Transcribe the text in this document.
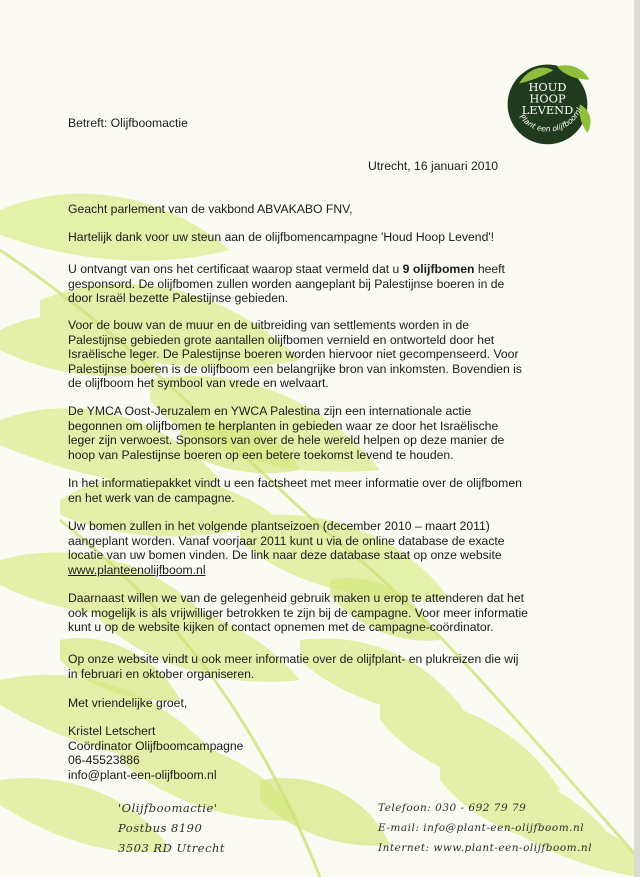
HOUD
HOOP
LEVEND
Plant een olijfboom!
Betreft: Olijfboomactie
Utrecht, 16 januari 2010
Geacht parlement van de vakbond ABVAKABO FNV,
Hartelijk dank voor uw steun aan de olijfbomencampagne 'Houd Hoop Levend'!
U ontvangt van ons het certificaat waarop staat vermeld dat u 9 olijfbomen heeft
gesponsord. De olijfbomen zullen worden aangeplant bij Palestijnse boeren in de
door Israël bezette Palestijnse gebieden.
Voor de bouw van de muur en de uitbreiding van settlements worden in de
Palestijnse gebieden grote aantallen olijfbomen vernield en ontworteld door het
Israëlische leger. De Palestijnse boeren worden hiervoor niet gecompenseerd. Voor
Palestijnse boeren is de olijfboom een belangrijke bron van inkomsten. Bovendien is
de olijfboom het symbool van vrede en welvaart.
De YMCA Oost-Jeruzalem en YWCA Palestina zijn een internationale actie
begonnen om olijfbomen te herplanten in gebieden waar ze door het Israëlische
leger zijn verwoest. Sponsors van over de hele wereld helpen op deze manier de
hoop van Palestijnse boeren op een betere toekomst levend te houden.
In het informatiepakket vindt u een factsheet met meer informatie over de olijfbomen
en het werk van de campagne.
Uw bomen zullen in het volgende plantseizoen (december 2010 – maart 2011)
aangeplant worden. Vanaf voorjaar 2011 kunt u via de online database de exacte
locatie van uw bomen vinden. De link naar deze database staat op onze website
www.planteenolijfboom.nl
Daarnaast willen we van de gelegenheid gebruik maken u erop te attenderen dat het
ook mogelijk is als vrijwilliger betrokken te zijn bij de campagne. Voor meer informatie
kunt u op de website kijken of contact opnemen met de campagne-coördinator.
Op onze website vindt u ook meer informatie over de olijfplant- en plukreizen die wij
in februari en oktober organiseren.
Met vriendelijke groet,
Kristel Letschert
Coördinator Olijfboomcampagne
06-45523886
info@plant-een-olijfboom.nl
'Olijfboomactie'
Postbus 8190
3503 RD Utrecht
Telefoon: 030 - 692 79 79
E-mail: info@plant-een-olijfboom.nl
Internet: www.plant-een-olijfboom.nl
